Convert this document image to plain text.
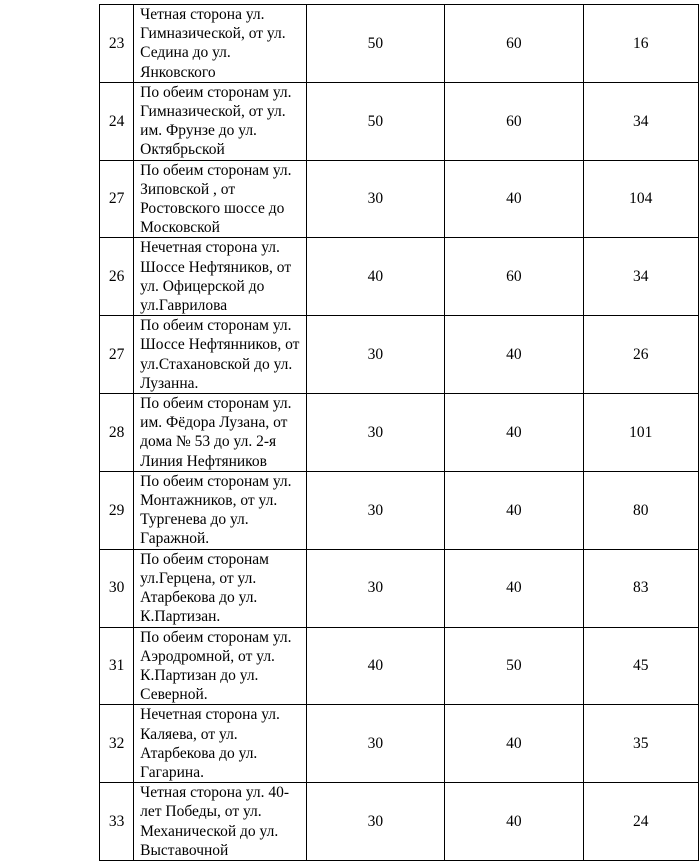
23	Четная сторона ул.
Гимназической, от ул.
Седина до ул.
Янковского	50	60	16
24	По обеим сторонам ул.
Гимназической, от ул.
им. Фрунзе до ул.
Октябрьской	50	60	34
27	По обеим сторонам ул.
Зиповской , от
Ростовского шоссе до
Московской	30	40	104
26	Нечетная сторона ул.
Шоссе Нефтяников, от
ул. Офицерской до
ул.Гаврилова	40	60	34
27	По обеим сторонам ул.
Шоссе Нефтянников, от
ул.Стахановской до ул.
Лузанна.	30	40	26
28	По обеим сторонам ул.
им. Фёдора Лузана, от
дома № 53 до ул. 2-я
Линия Нефтяников	30	40	101
29	По обеим сторонам ул.
Монтажников, от ул.
Тургенева до ул.
Гаражной.	30	40	80
30	По обеим сторонам
ул.Герцена, от ул.
Атарбекова до ул.
К.Партизан.	30	40	83
31	По обеим сторонам ул.
Аэродромной, от ул.
К.Партизан до ул.
Северной.	40	50	45
32	Нечетная сторона ул.
Каляева, от ул.
Атарбекова до ул.
Гагарина.	30	40	35
33	Четная сторона ул. 40-
лет Победы, от ул.
Механической до ул.
Выставочной	30	40	24
